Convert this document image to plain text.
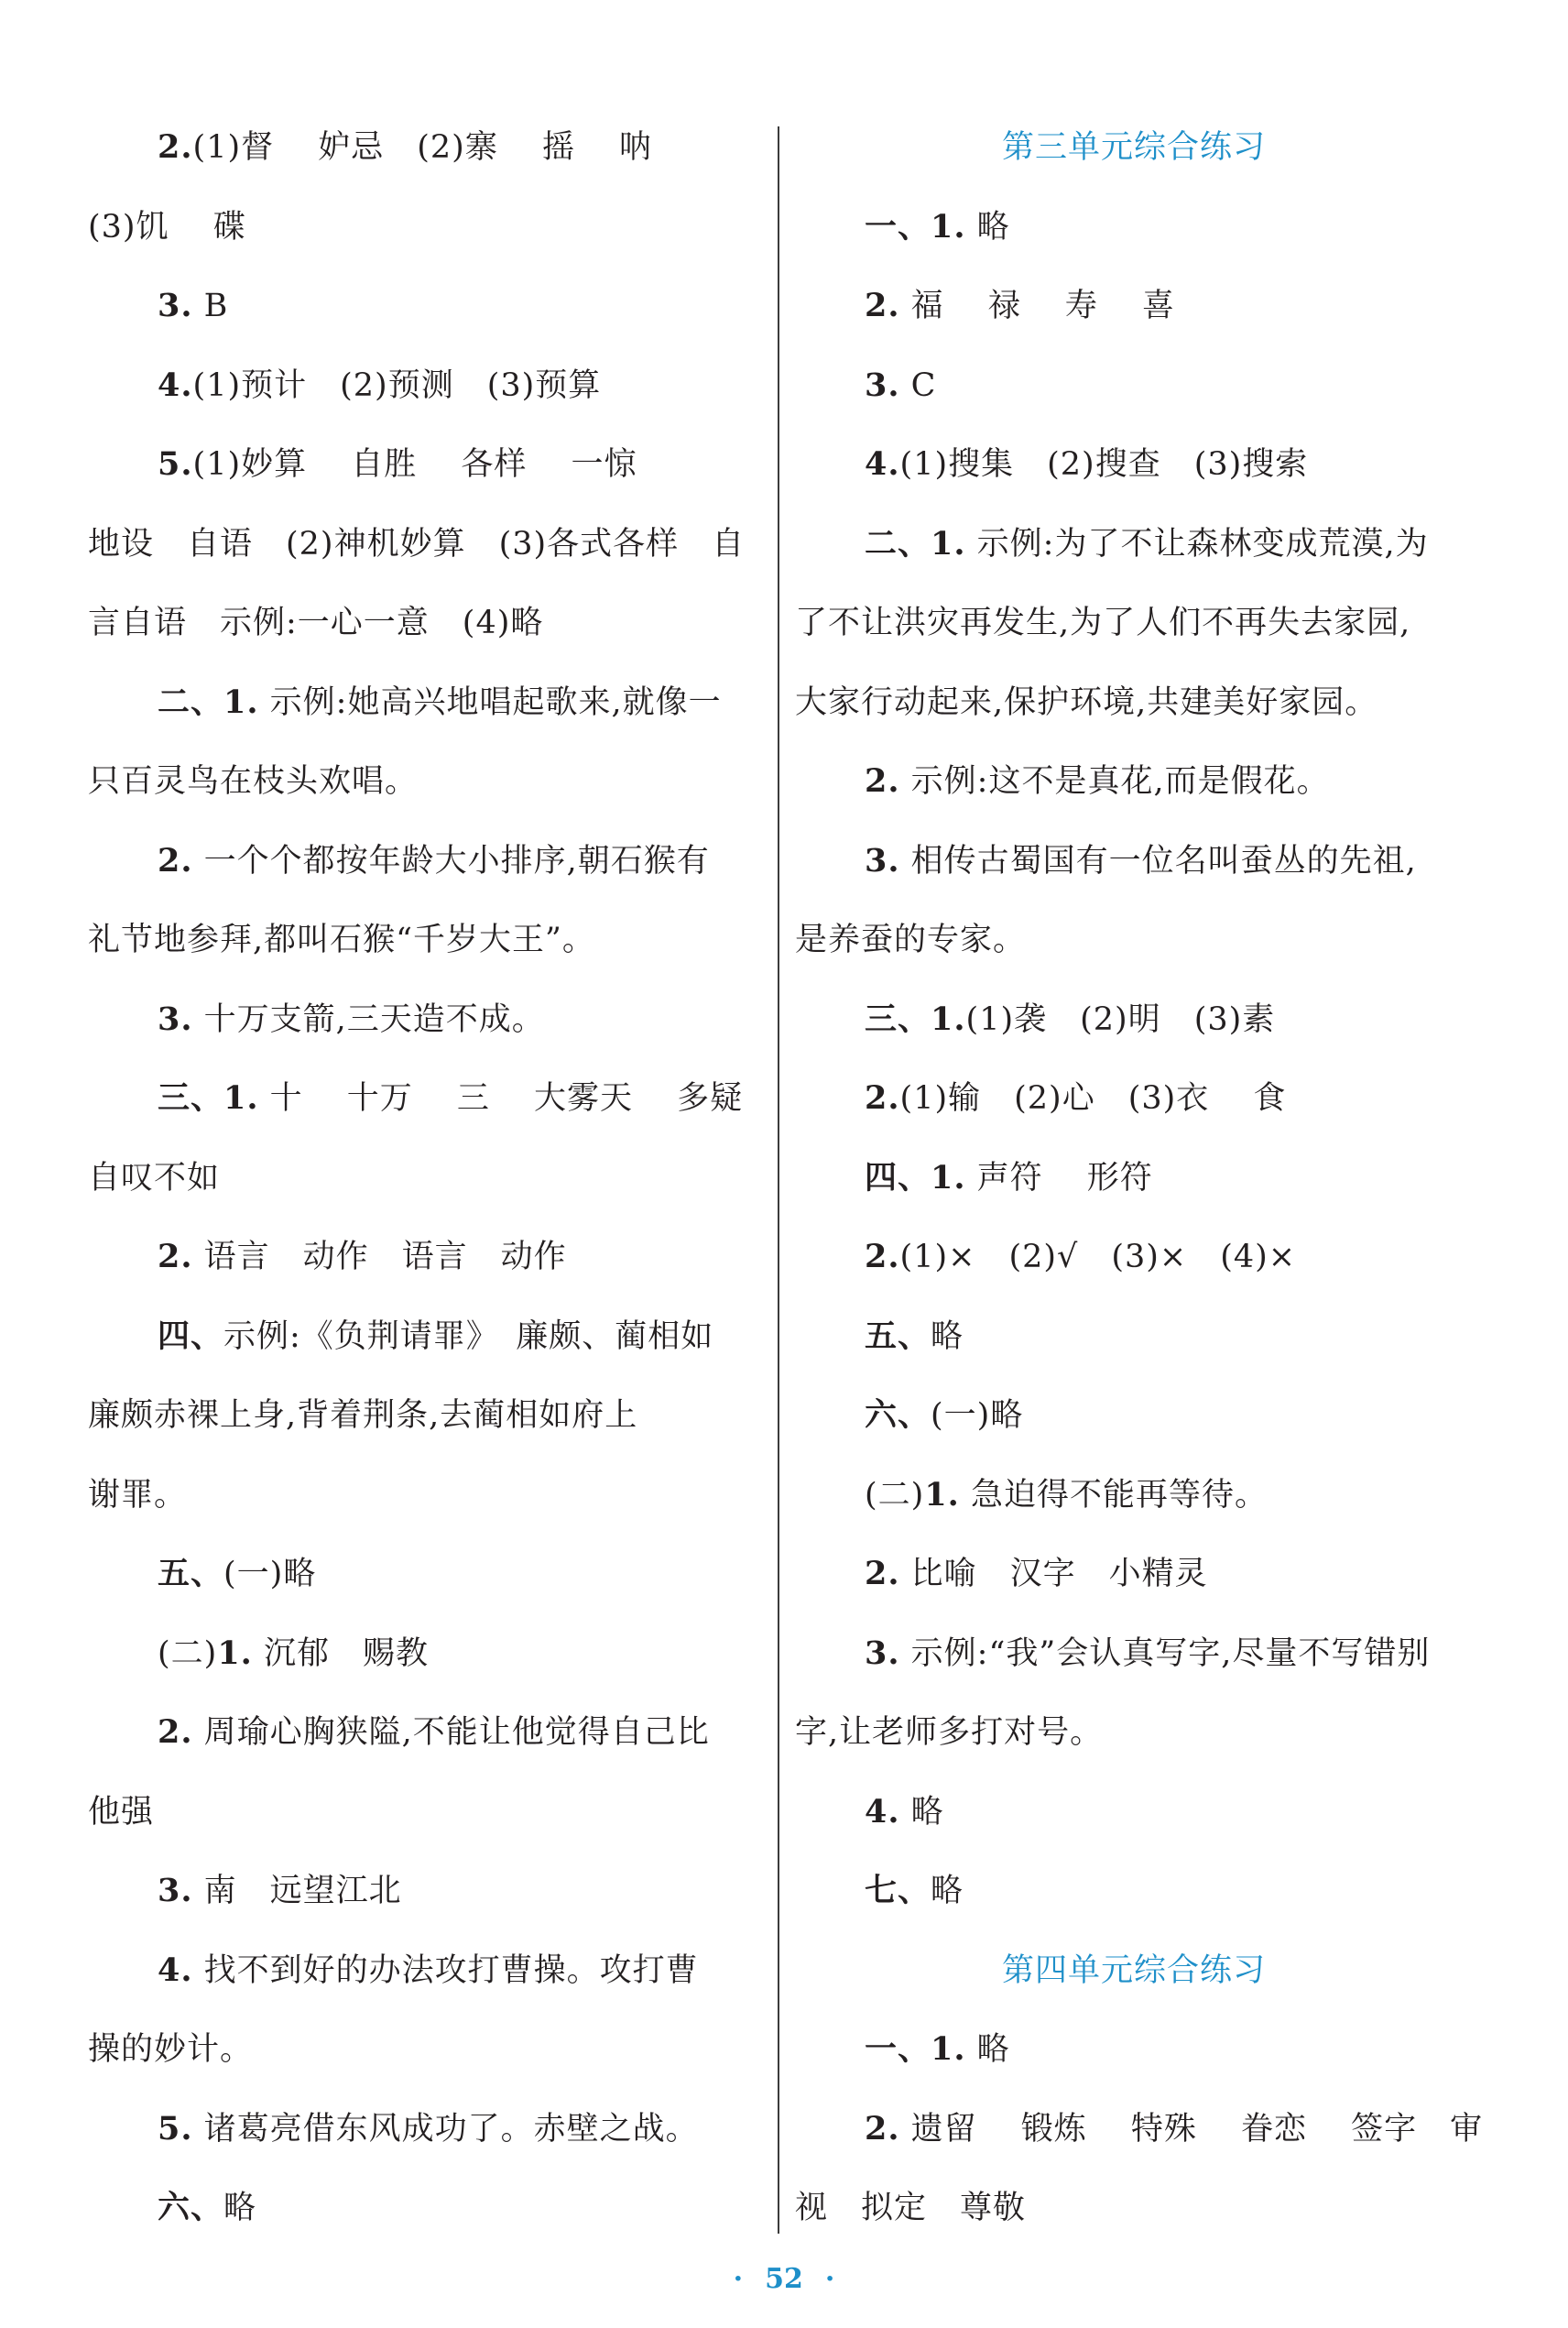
2.(1)督　 妒忌　(2)寨　 摇　 呐
(3)饥　 碟
3. B
4.(1)预计　(2)预测　(3)预算
5.(1)妙算　 自胜　 各样　 一惊
地设　自语　(2)神机妙算　(3)各式各样　自
言自语　示例:一心一意　(4)略
二、1. 示例:她高兴地唱起歌来,就像一
只百灵鸟在枝头欢唱。
2. 一个个都按年龄大小排序,朝石猴有
礼节地参拜,都叫石猴“千岁大王”。
3. 十万支箭,三天造不成。
三、1. 十　 十万　 三　 大雾天　 多疑
自叹不如
2. 语言　动作　语言　动作
四、示例:《负荆请罪》　廉颇、蔺相如
廉颇赤裸上身,背着荆条,去蔺相如府上
谢罪。
五、(一)略
(二)1. 沉郁　赐教
2. 周瑜心胸狭隘,不能让他觉得自己比
他强
3. 南　远望江北
4. 找不到好的办法攻打曹操。攻打曹
操的妙计。
5. 诸葛亮借东风成功了。赤壁之战。
六、略
第三单元综合练习
一、1. 略
2. 福　 禄　 寿　 喜
3. C
4.(1)搜集　(2)搜查　(3)搜索
二、1. 示例:为了不让森林变成荒漠,为
了不让洪灾再发生,为了人们不再失去家园,
大家行动起来,保护环境,共建美好家园。
2. 示例:这不是真花,而是假花。
3. 相传古蜀国有一位名叫蚕丛的先祖,
是养蚕的专家。
三、1.(1)袭　(2)明　(3)素
2.(1)输　(2)心　(3)衣　 食
四、1. 声符　 形符
2.(1)×　(2)√　(3)×　(4)×
五、略
六、(一)略
(二)1. 急迫得不能再等待。
2. 比喻　汉字　小精灵
3. 示例:“我”会认真写字,尽量不写错别
字,让老师多打对号。
4. 略
七、略
第四单元综合练习
一、1. 略
2. 遗留　 锻炼　 特殊　 眷恋　 签字　审
视　拟定　尊敬
· 52 ·
